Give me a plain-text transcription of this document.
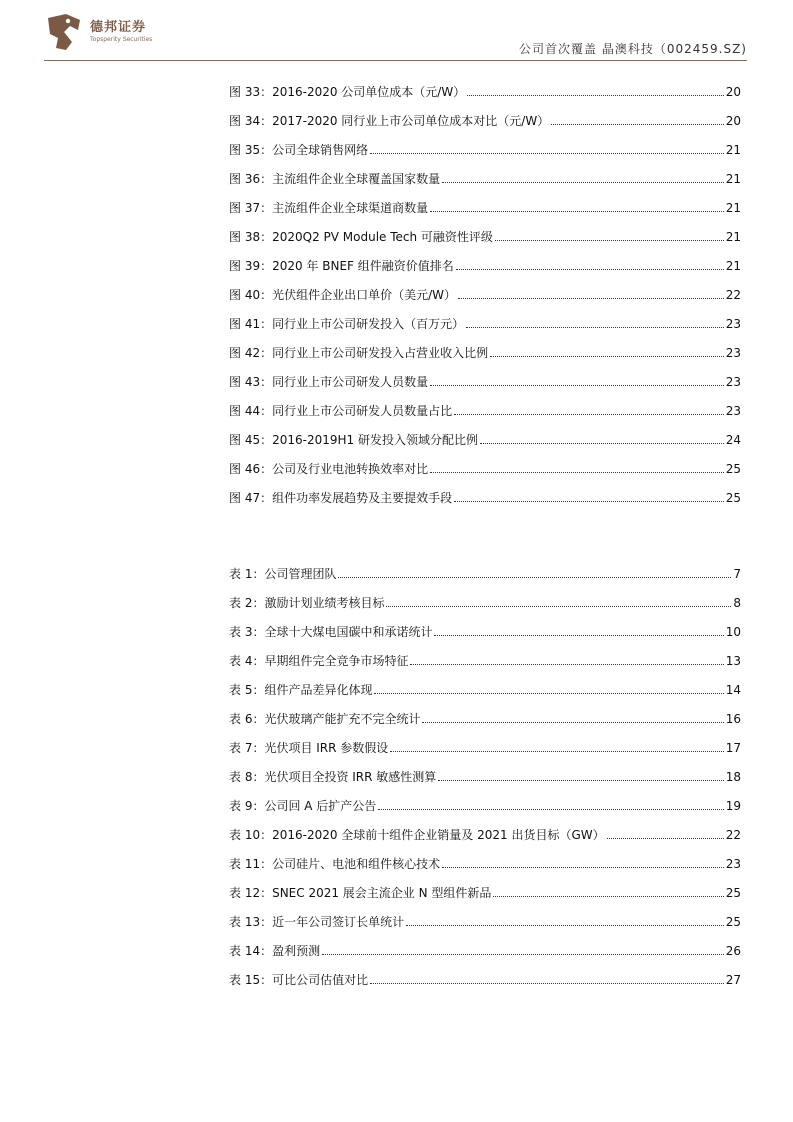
德邦证券
Topsperity Securities
公司首次覆盖 晶澳科技（002459.SZ)
图 33：2016-2020 公司单位成本（元/W）	20
图 34：2017-2020 同行业上市公司单位成本对比（元/W）	20
图 35：公司全球销售网络	21
图 36：主流组件企业全球覆盖国家数量	21
图 37：主流组件企业全球渠道商数量	21
图 38：2020Q2 PV Module Tech 可融资性评级	21
图 39：2020 年 BNEF 组件融资价值排名	21
图 40：光伏组件企业出口单价（美元/W）	22
图 41：同行业上市公司研发投入（百万元）	23
图 42：同行业上市公司研发投入占营业收入比例	23
图 43：同行业上市公司研发人员数量	23
图 44：同行业上市公司研发人员数量占比	23
图 45：2016-2019H1 研发投入领域分配比例	24
图 46：公司及行业电池转换效率对比	25
图 47：组件功率发展趋势及主要提效手段	25
表 1：公司管理团队	7
表 2：激励计划业绩考核目标	8
表 3：全球十大煤电国碳中和承诺统计	10
表 4：早期组件完全竞争市场特征	13
表 5：组件产品差异化体现	14
表 6：光伏玻璃产能扩充不完全统计	16
表 7：光伏项目 IRR 参数假设	17
表 8：光伏项目全投资 IRR 敏感性测算	18
表 9：公司回 A 后扩产公告	19
表 10：2016-2020 全球前十组件企业销量及 2021 出货目标（GW）	22
表 11：公司硅片、电池和组件核心技术	23
表 12：SNEC 2021 展会主流企业 N 型组件新品	25
表 13：近一年公司签订长单统计	25
表 14：盈利预测	26
表 15：可比公司估值对比	27
